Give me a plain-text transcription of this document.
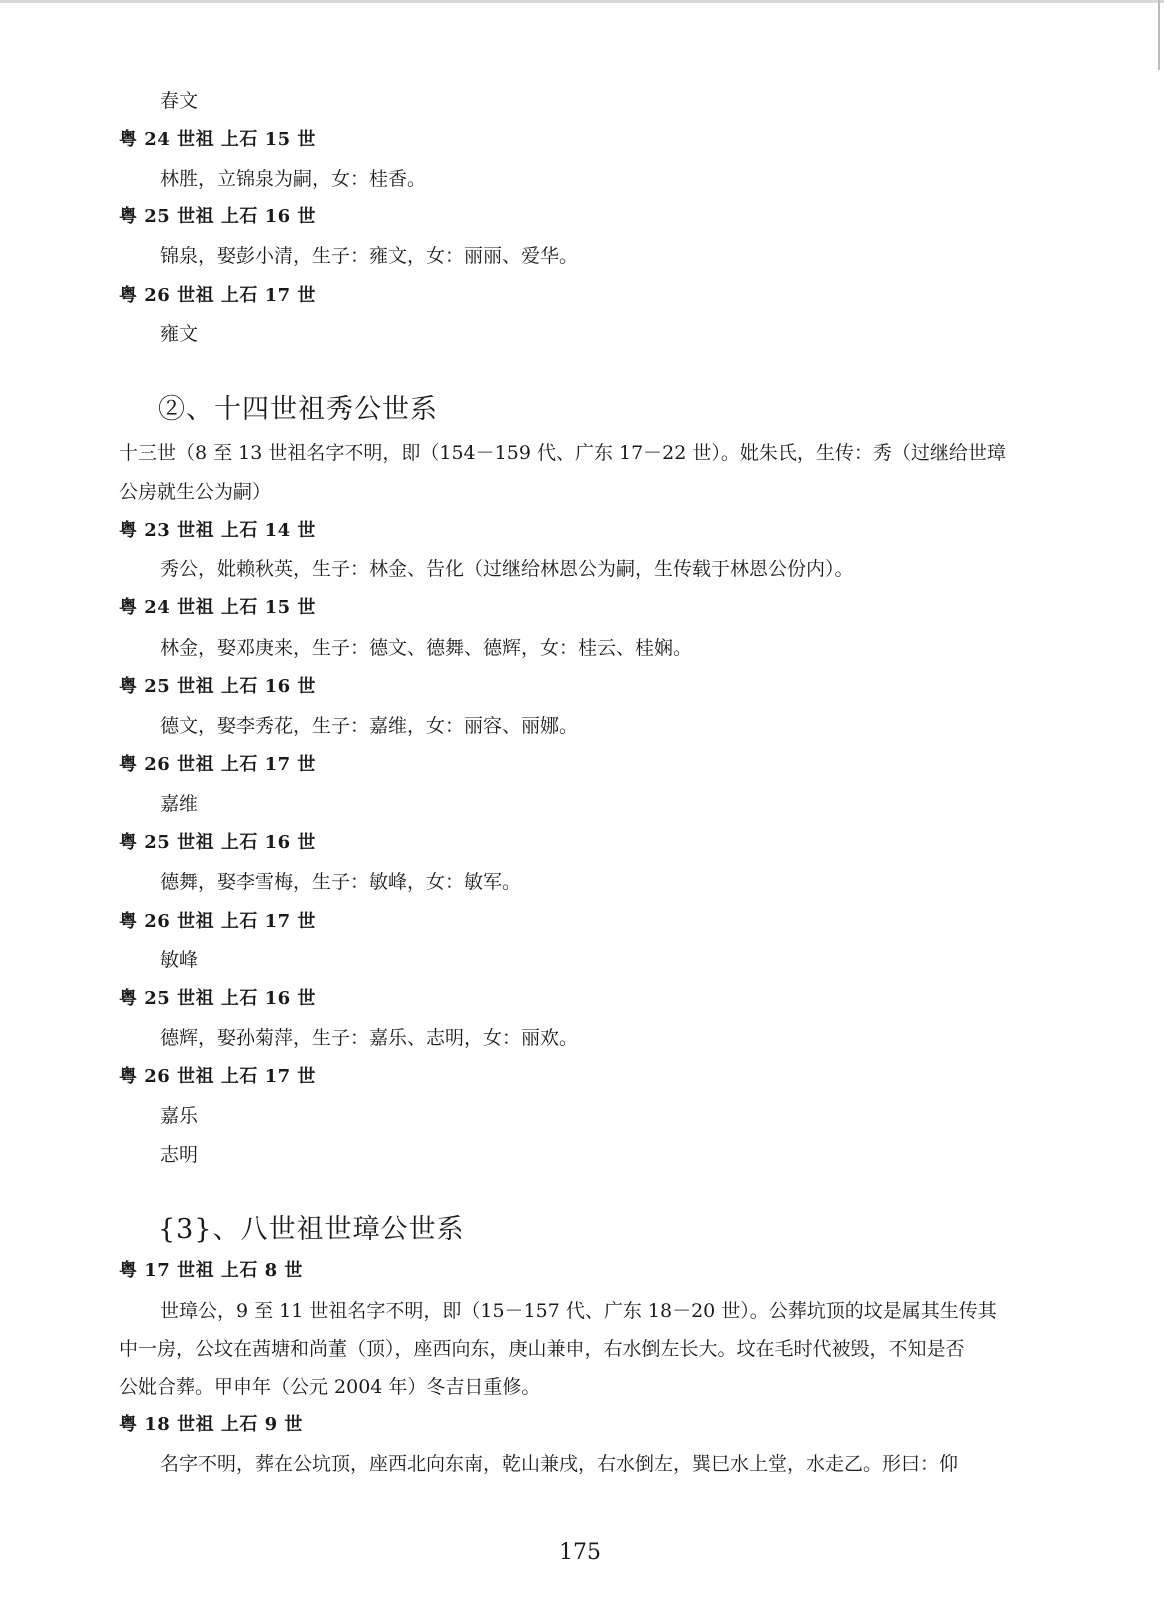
春文
粤 24 世祖 上石 15 世
林胜，立锦泉为嗣，女：桂香。
粤 25 世祖 上石 16 世
锦泉，娶彭小清，生子：雍文，女：丽丽、爱华。
粤 26 世祖 上石 17 世
雍文
②、十四世祖秀公世系
十三世（8 至 13 世祖名字不明，即（154－159 代、广东 17－22 世）。妣朱氏，生传：秀（过继给世璋
公房就生公为嗣）
粤 23 世祖 上石 14 世
秀公，妣赖秋英，生子：林金、告化（过继给林恩公为嗣，生传载于林恩公份内）。
粤 24 世祖 上石 15 世
林金，娶邓庚来，生子：德文、德舞、德辉，女：桂云、桂娴。
粤 25 世祖 上石 16 世
德文，娶李秀花，生子：嘉维，女：丽容、丽娜。
粤 26 世祖 上石 17 世
嘉维
粤 25 世祖 上石 16 世
德舞，娶李雪梅，生子：敏峰，女：敏军。
粤 26 世祖 上石 17 世
敏峰
粤 25 世祖 上石 16 世
德辉，娶孙菊萍，生子：嘉乐、志明，女：丽欢。
粤 26 世祖 上石 17 世
嘉乐
志明
{3}、八世祖世璋公世系
粤 17 世祖 上石 8 世
世璋公，9 至 11 世祖名字不明，即（15－157 代、广东 18－20 世）。公葬坑顶的坟是属其生传其
中一房，公坟在茜塘和尚董（顶），座西向东，庚山兼申，右水倒左长大。坟在毛时代被毁，不知是否
公妣合葬。甲申年（公元 2004 年）冬吉日重修。
粤 18 世祖 上石 9 世
名字不明，葬在公坑顶，座西北向东南，乾山兼戌，右水倒左，巽巳水上堂，水走乙。形曰：仰
175
